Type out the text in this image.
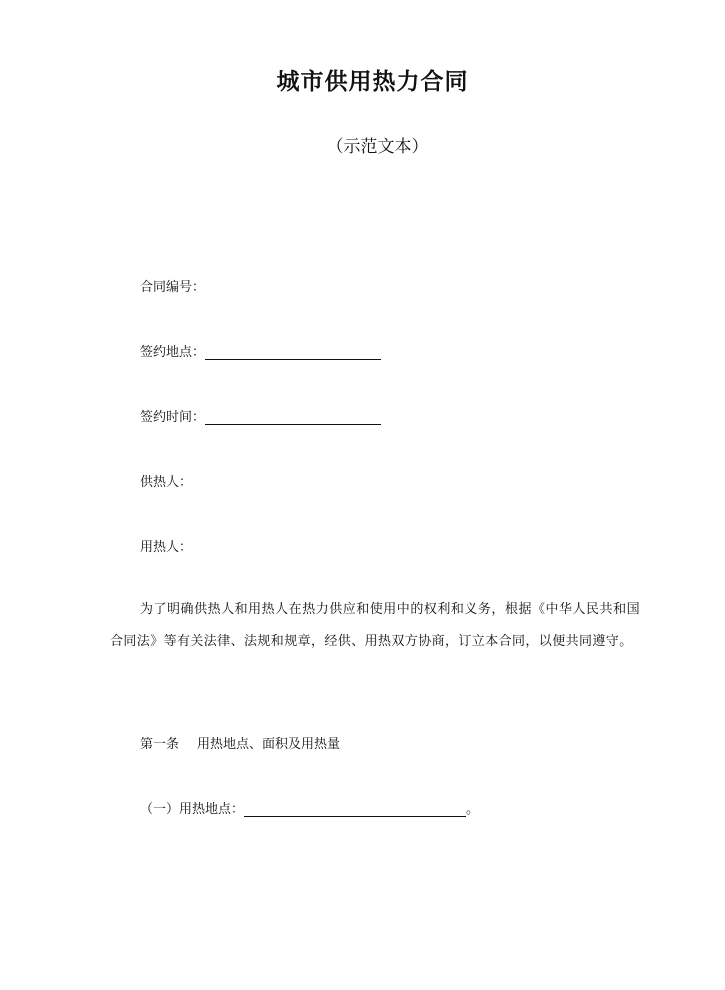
城市供用热力合同
（示范文本）
合同编号：
签约地点：
签约时间：
供热人：
用热人：
为了明确供热人和用热人在热力供应和使用中的权利和义务，根据《中华人民共和国合同法》等有关法律、法规和规章，经供、用热双方协商，订立本合同，以便共同遵守。
第一条 用热地点、面积及用热量
（一）用热地点：	。
